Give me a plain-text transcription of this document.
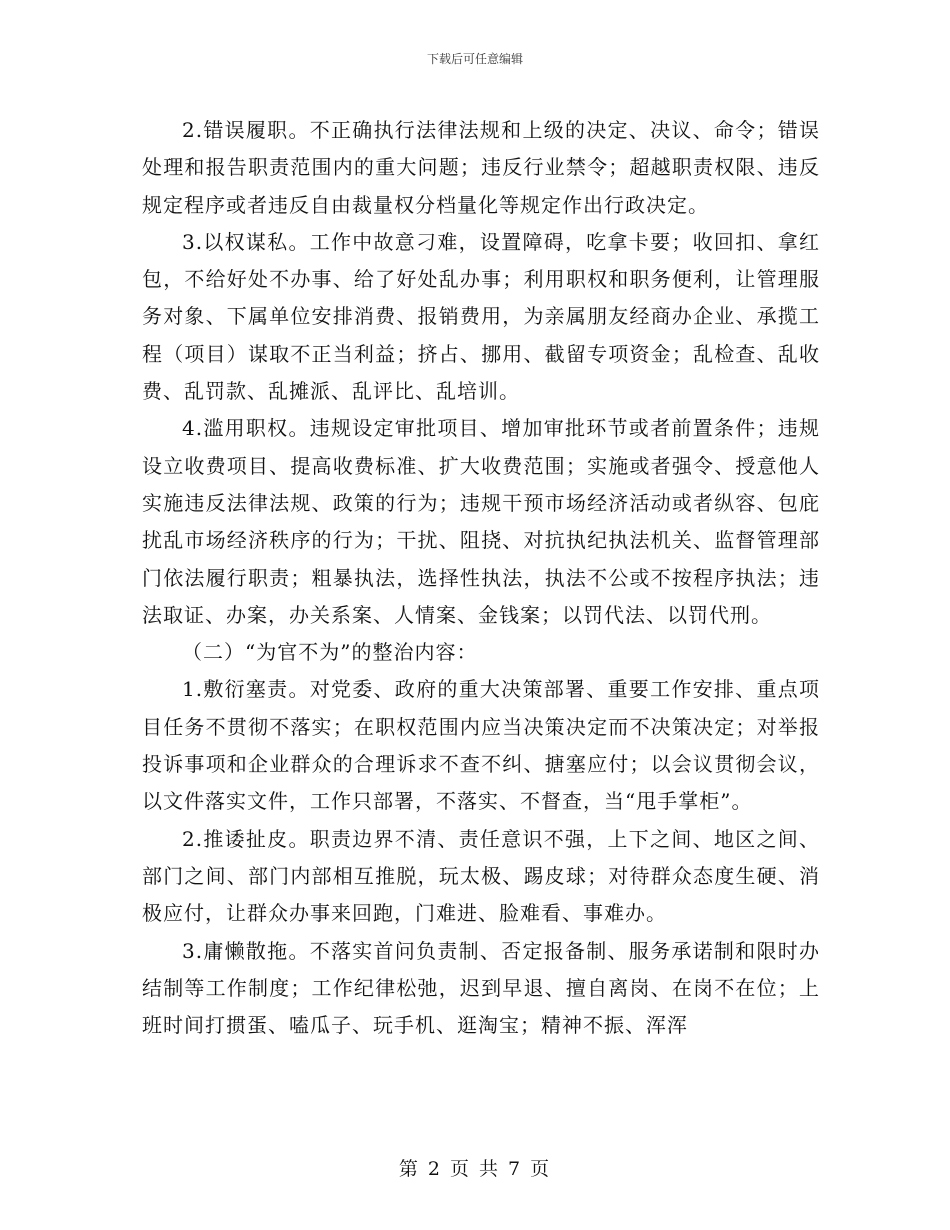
下载后可任意编辑

2.错误履职。不正确执行法律法规和上级的决定、决议、命令；错误处理和报告职责范围内的重大问题；违反行业禁令；超越职责权限、违反规定程序或者违反自由裁量权分档量化等规定作出行政决定。

3.以权谋私。工作中故意刁难，设置障碍，吃拿卡要；收回扣、拿红包，不给好处不办事、给了好处乱办事；利用职权和职务便利，让管理服务对象、下属单位安排消费、报销费用，为亲属朋友经商办企业、承揽工程（项目）谋取不正当利益；挤占、挪用、截留专项资金；乱检查、乱收费、乱罚款、乱摊派、乱评比、乱培训。

4.滥用职权。违规设定审批项目、增加审批环节或者前置条件；违规设立收费项目、提高收费标准、扩大收费范围；实施或者强令、授意他人实施违反法律法规、政策的行为；违规干预市场经济活动或者纵容、包庇扰乱市场经济秩序的行为；干扰、阻挠、对抗执纪执法机关、监督管理部门依法履行职责；粗暴执法，选择性执法，执法不公或不按程序执法；违法取证、办案，办关系案、人情案、金钱案；以罚代法、以罚代刑。

（二）“为官不为”的整治内容：

1.敷衍塞责。对党委、政府的重大决策部署、重要工作安排、重点项目任务不贯彻不落实；在职权范围内应当决策决定而不决策决定；对举报投诉事项和企业群众的合理诉求不查不纠、搪塞应付；以会议贯彻会议，以文件落实文件，工作只部署，不落实、不督查，当“甩手掌柜”。

2.推诿扯皮。职责边界不清、责任意识不强，上下之间、地区之间、部门之间、部门内部相互推脱，玩太极、踢皮球；对待群众态度生硬、消极应付，让群众办事来回跑，门难进、脸难看、事难办。

3.庸懒散拖。不落实首问负责制、否定报备制、服务承诺制和限时办结制等工作制度；工作纪律松弛，迟到早退、擅自离岗、在岗不在位；上班时间打掼蛋、嗑瓜子、玩手机、逛淘宝；精神不振、浑浑

第 2 页 共 7 页
